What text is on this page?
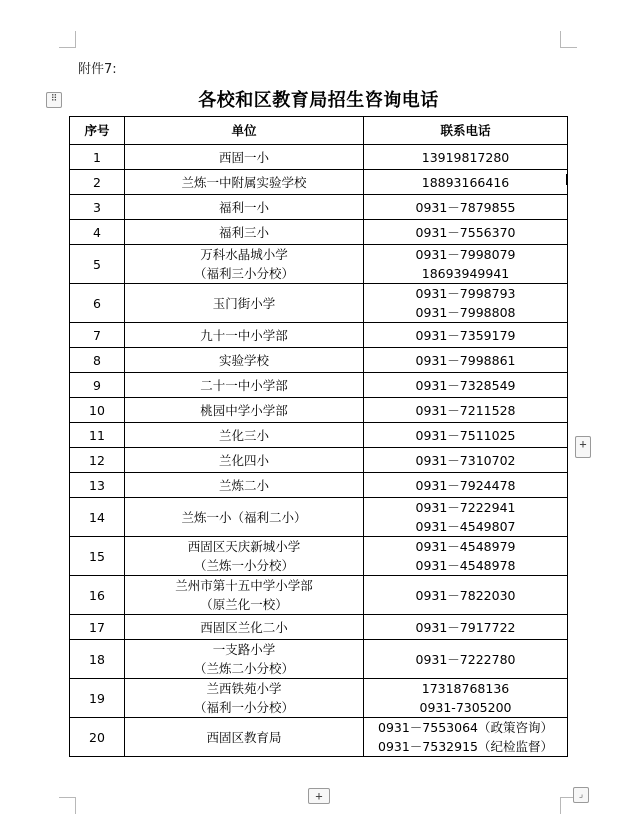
附件7:
各校和区教育局招生咨询电话
⠿
序号	单位	联系电话
1	西固一小	13919817280

2	兰炼一中附属实验学校	18893166416

3	福利一小	0931－7879855

4	福利三小	0931－7556370

5	万科水晶城小学
（福利三小分校）	0931－7998079
18693949941

6	玉门街小学	0931－7998793
0931－7998808

7	九十一中小学部	0931－7359179

8	实验学校	0931－7998861

9	二十一中小学部	0931－7328549

10	桃园中学小学部	0931－7211528

11	兰化三小	0931－7511025

12	兰化四小	0931－7310702

13	兰炼二小	0931－7924478

14	兰炼一小（福利二小）	0931－7222941
0931－4549807

15	西固区天庆新城小学
（兰炼一小分校）	0931－4548979
0931－4548978

16	兰州市第十五中学小学部
（原兰化一校）	0931－7822030

17	西固区兰化二小	0931－7917722

18	一支路小学
（兰炼二小分校）	0931－7222780

19	兰西铁苑小学
（福利一小分校）	17318768136
0931-7305200

20	西固区教育局	0931－7553064（政策咨询）
0931－7532915（纪检监督）
+
+	⌟
